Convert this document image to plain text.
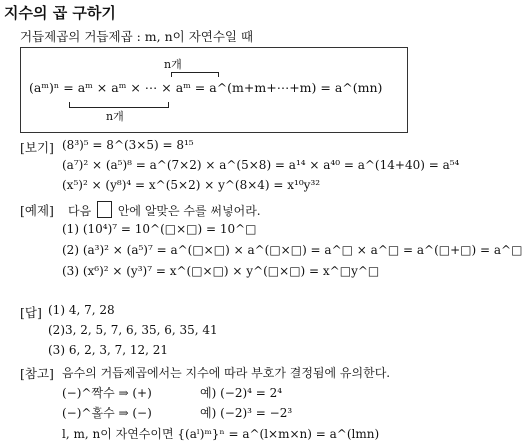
지수의 곱 구하기
거듭제곱의 거듭제곱 : m, n이 자연수일 때
n개
(aᵐ)ⁿ = aᵐ × aᵐ × ⋯ × aᵐ = a^(m+m+⋯+m) = a^(mn)
n개
[보기] (8³)⁵ = 8^(3×5) = 8¹⁵
(a⁷)² × (a⁵)⁸ = a^(7×2) × a^(5×8) = a¹⁴ × a⁴⁰ = a^(14+40) = a⁵⁴
(x⁵)² × (y⁸)⁴ = x^(5×2) × y^(8×4) = x¹⁰y³²
[예제] 다음 안에 알맞은 수를 써넣어라.
(1) (10⁴)⁷ = 10^(□×□) = 10^□
(2) (a³)² × (a⁵)⁷ = a^(□×□) × a^(□×□) = a^□ × a^□ = a^(□+□) = a^□
(3) (x⁶)² × (y³)⁷ = x^(□×□) × y^(□×□) = x^□y^□
[답] (1) 4, 7, 28
(2)3, 2, 5, 7, 6, 35, 6, 35, 41
(3) 6, 2, 3, 7, 12, 21
[참고] 음수의 거듭제곱에서는 지수에 따라 부호가 결정됨에 유의한다.
(−)^짝수 ⇒ (+)	예) (−2)⁴ = 2⁴
(−)^홀수 ⇒ (−)	예) (−2)³ = −2³
l, m, n이 자연수이면 {(aˡ)ᵐ}ⁿ = a^(l×m×n) = a^(lmn)
